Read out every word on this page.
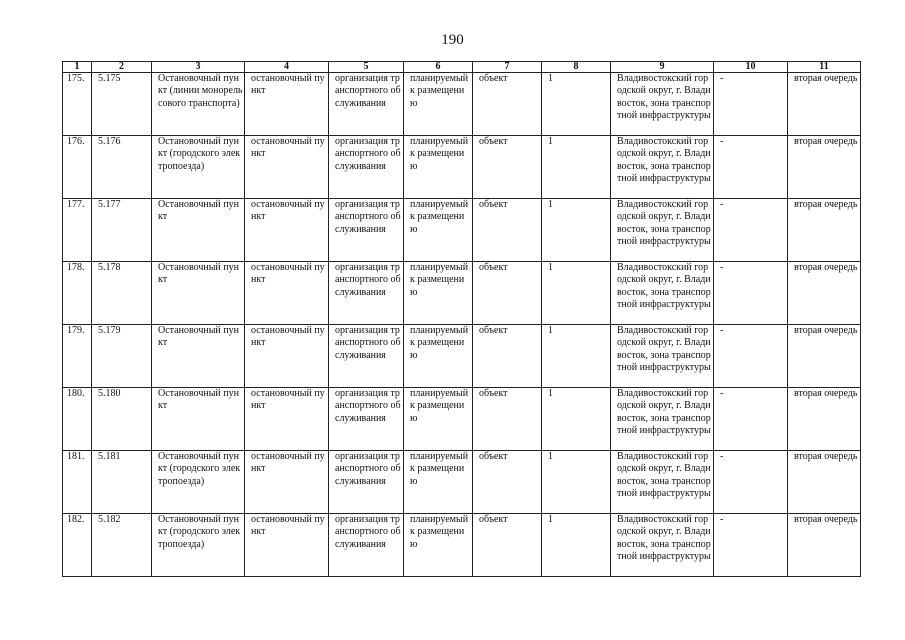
190
1	2	3	4	5	6	7	8	9	10	11

175.	5.175	Остановочный пункт (линии монорельсового транспорта)	остановочный пункт	организация транспортного обслуживания	планируемый к размещению	объект	1	Владивостокский городской округ, г. Владивосток, зона транспортной инфраструктуры	-	вторая очередь

176.	5.176	Остановочный пункт (городского электропоезда)	остановочный пункт	организация транспортного обслуживания	планируемый к размещению	объект	1	Владивостокский городской округ, г. Владивосток, зона транспортной инфраструктуры	-	вторая очередь

177.	5.177	Остановочный пункт	остановочный пункт	организация транспортного обслуживания	планируемый к размещению	объект	1	Владивостокский городской округ, г. Владивосток, зона транспортной инфраструктуры	-	вторая очередь

178.	5.178	Остановочный пункт	остановочный пункт	организация транспортного обслуживания	планируемый к размещению	объект	1	Владивостокский городской округ, г. Владивосток, зона транспортной инфраструктуры	-	вторая очередь

179.	5.179	Остановочный пункт	остановочный пункт	организация транспортного обслуживания	планируемый к размещению	объект	1	Владивостокский городской округ, г. Владивосток, зона транспортной инфраструктуры	-	вторая очередь

180.	5.180	Остановочный пункт	остановочный пункт	организация транспортного обслуживания	планируемый к размещению	объект	1	Владивостокский городской округ, г. Владивосток, зона транспортной инфраструктуры	-	вторая очередь

181.	5.181	Остановочный пункт (городского электропоезда)	остановочный пункт	организация транспортного обслуживания	планируемый к размещению	объект	1	Владивостокский городской округ, г. Владивосток, зона транспортной инфраструктуры	-	вторая очередь

182.	5.182	Остановочный пункт (городского электропоезда)	остановочный пункт	организация транспортного обслуживания	планируемый к размещению	объект	1	Владивостокский городской округ, г. Владивосток, зона транспортной инфраструктуры	-	вторая очередь
